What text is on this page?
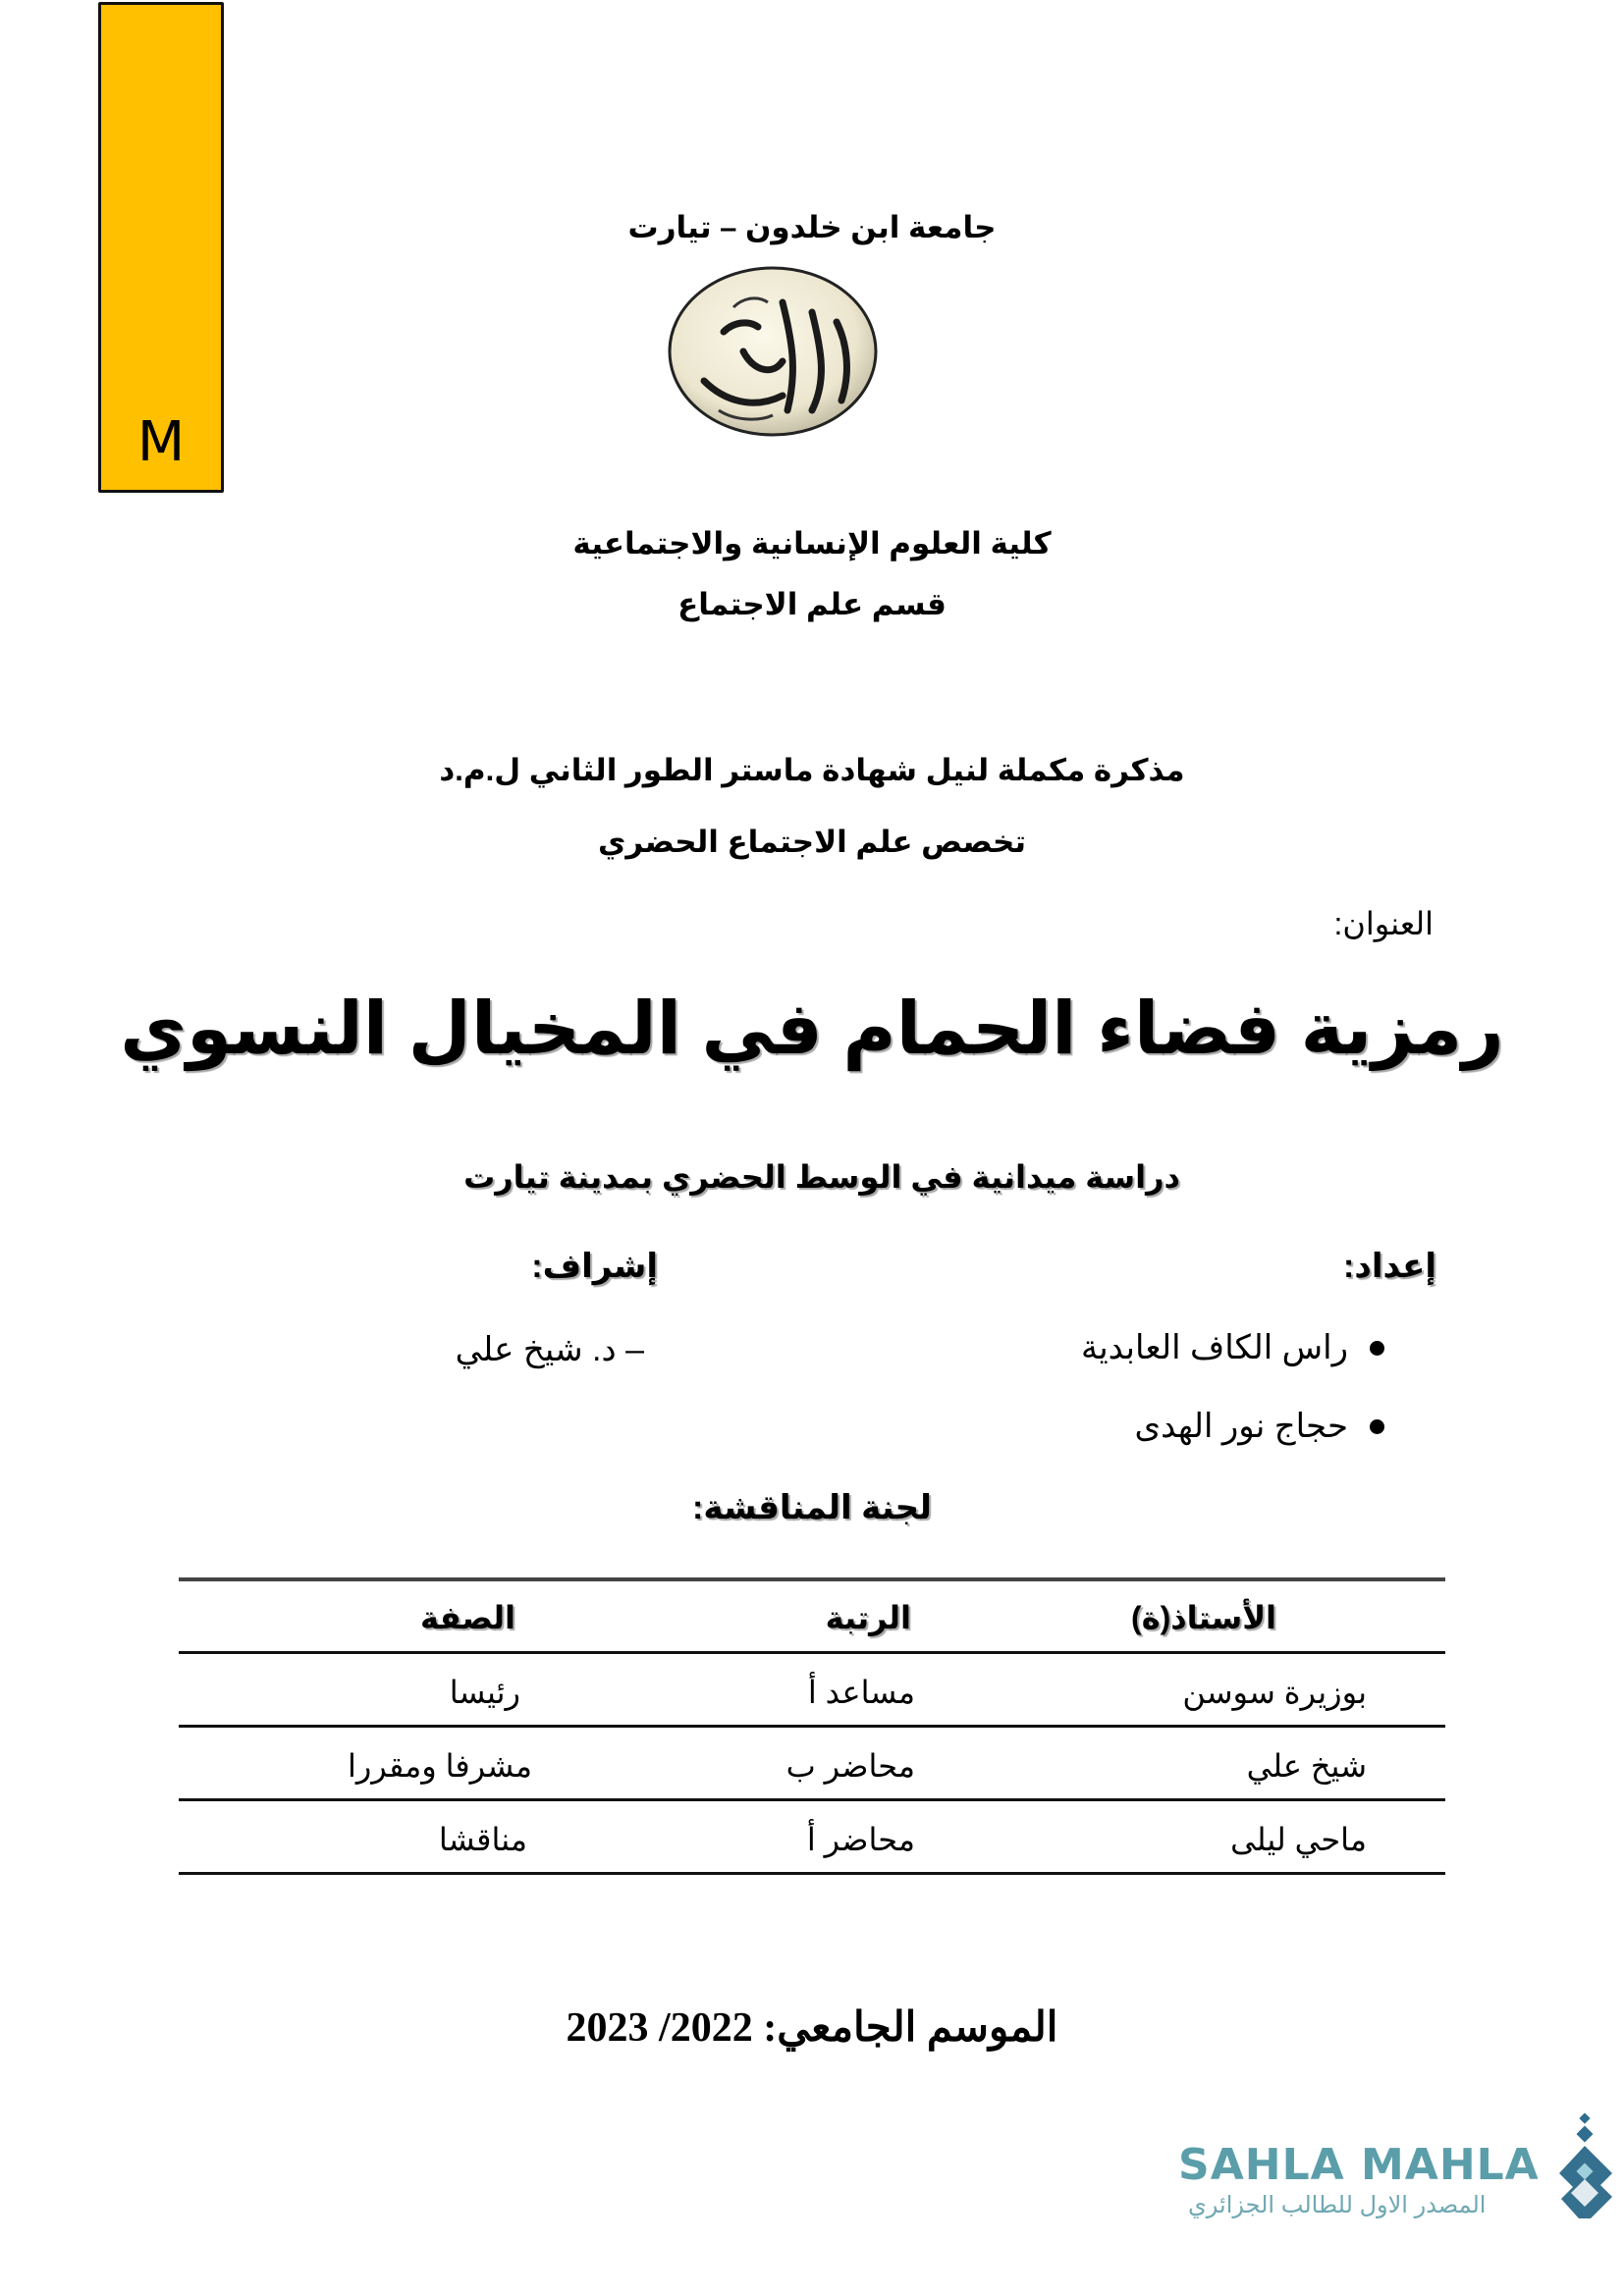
M
جامعة ابن خلدون – تيارت
كلية العلوم الإنسانية والاجتماعية
قسم علم الاجتماع
مذكرة مكملة لنيل شهادة ماستر الطور الثاني ل.م.د
تخصص علم الاجتماع الحضري
العنوان:
رمزية فضاء الحمام في المخيال النسوي
دراسة ميدانية في الوسط الحضري بمدينة تيارت
إعداد:
إشراف:
راس الكاف العابدية
حجاج نور الهدى
– د. شيخ علي
لجنة المناقشة:
الأستاذ(ة)
الرتبة
الصفة
بوزيرة سوسن
مساعد أ
رئيسا
شيخ علي
محاضر ب
مشرفا ومقررا
ماحي ليلى
محاضر أ
مناقشا
الموسم الجامعي: 2022/ 2023
SAHLA MAHLA
المصدر الاول للطالب الجزائري
